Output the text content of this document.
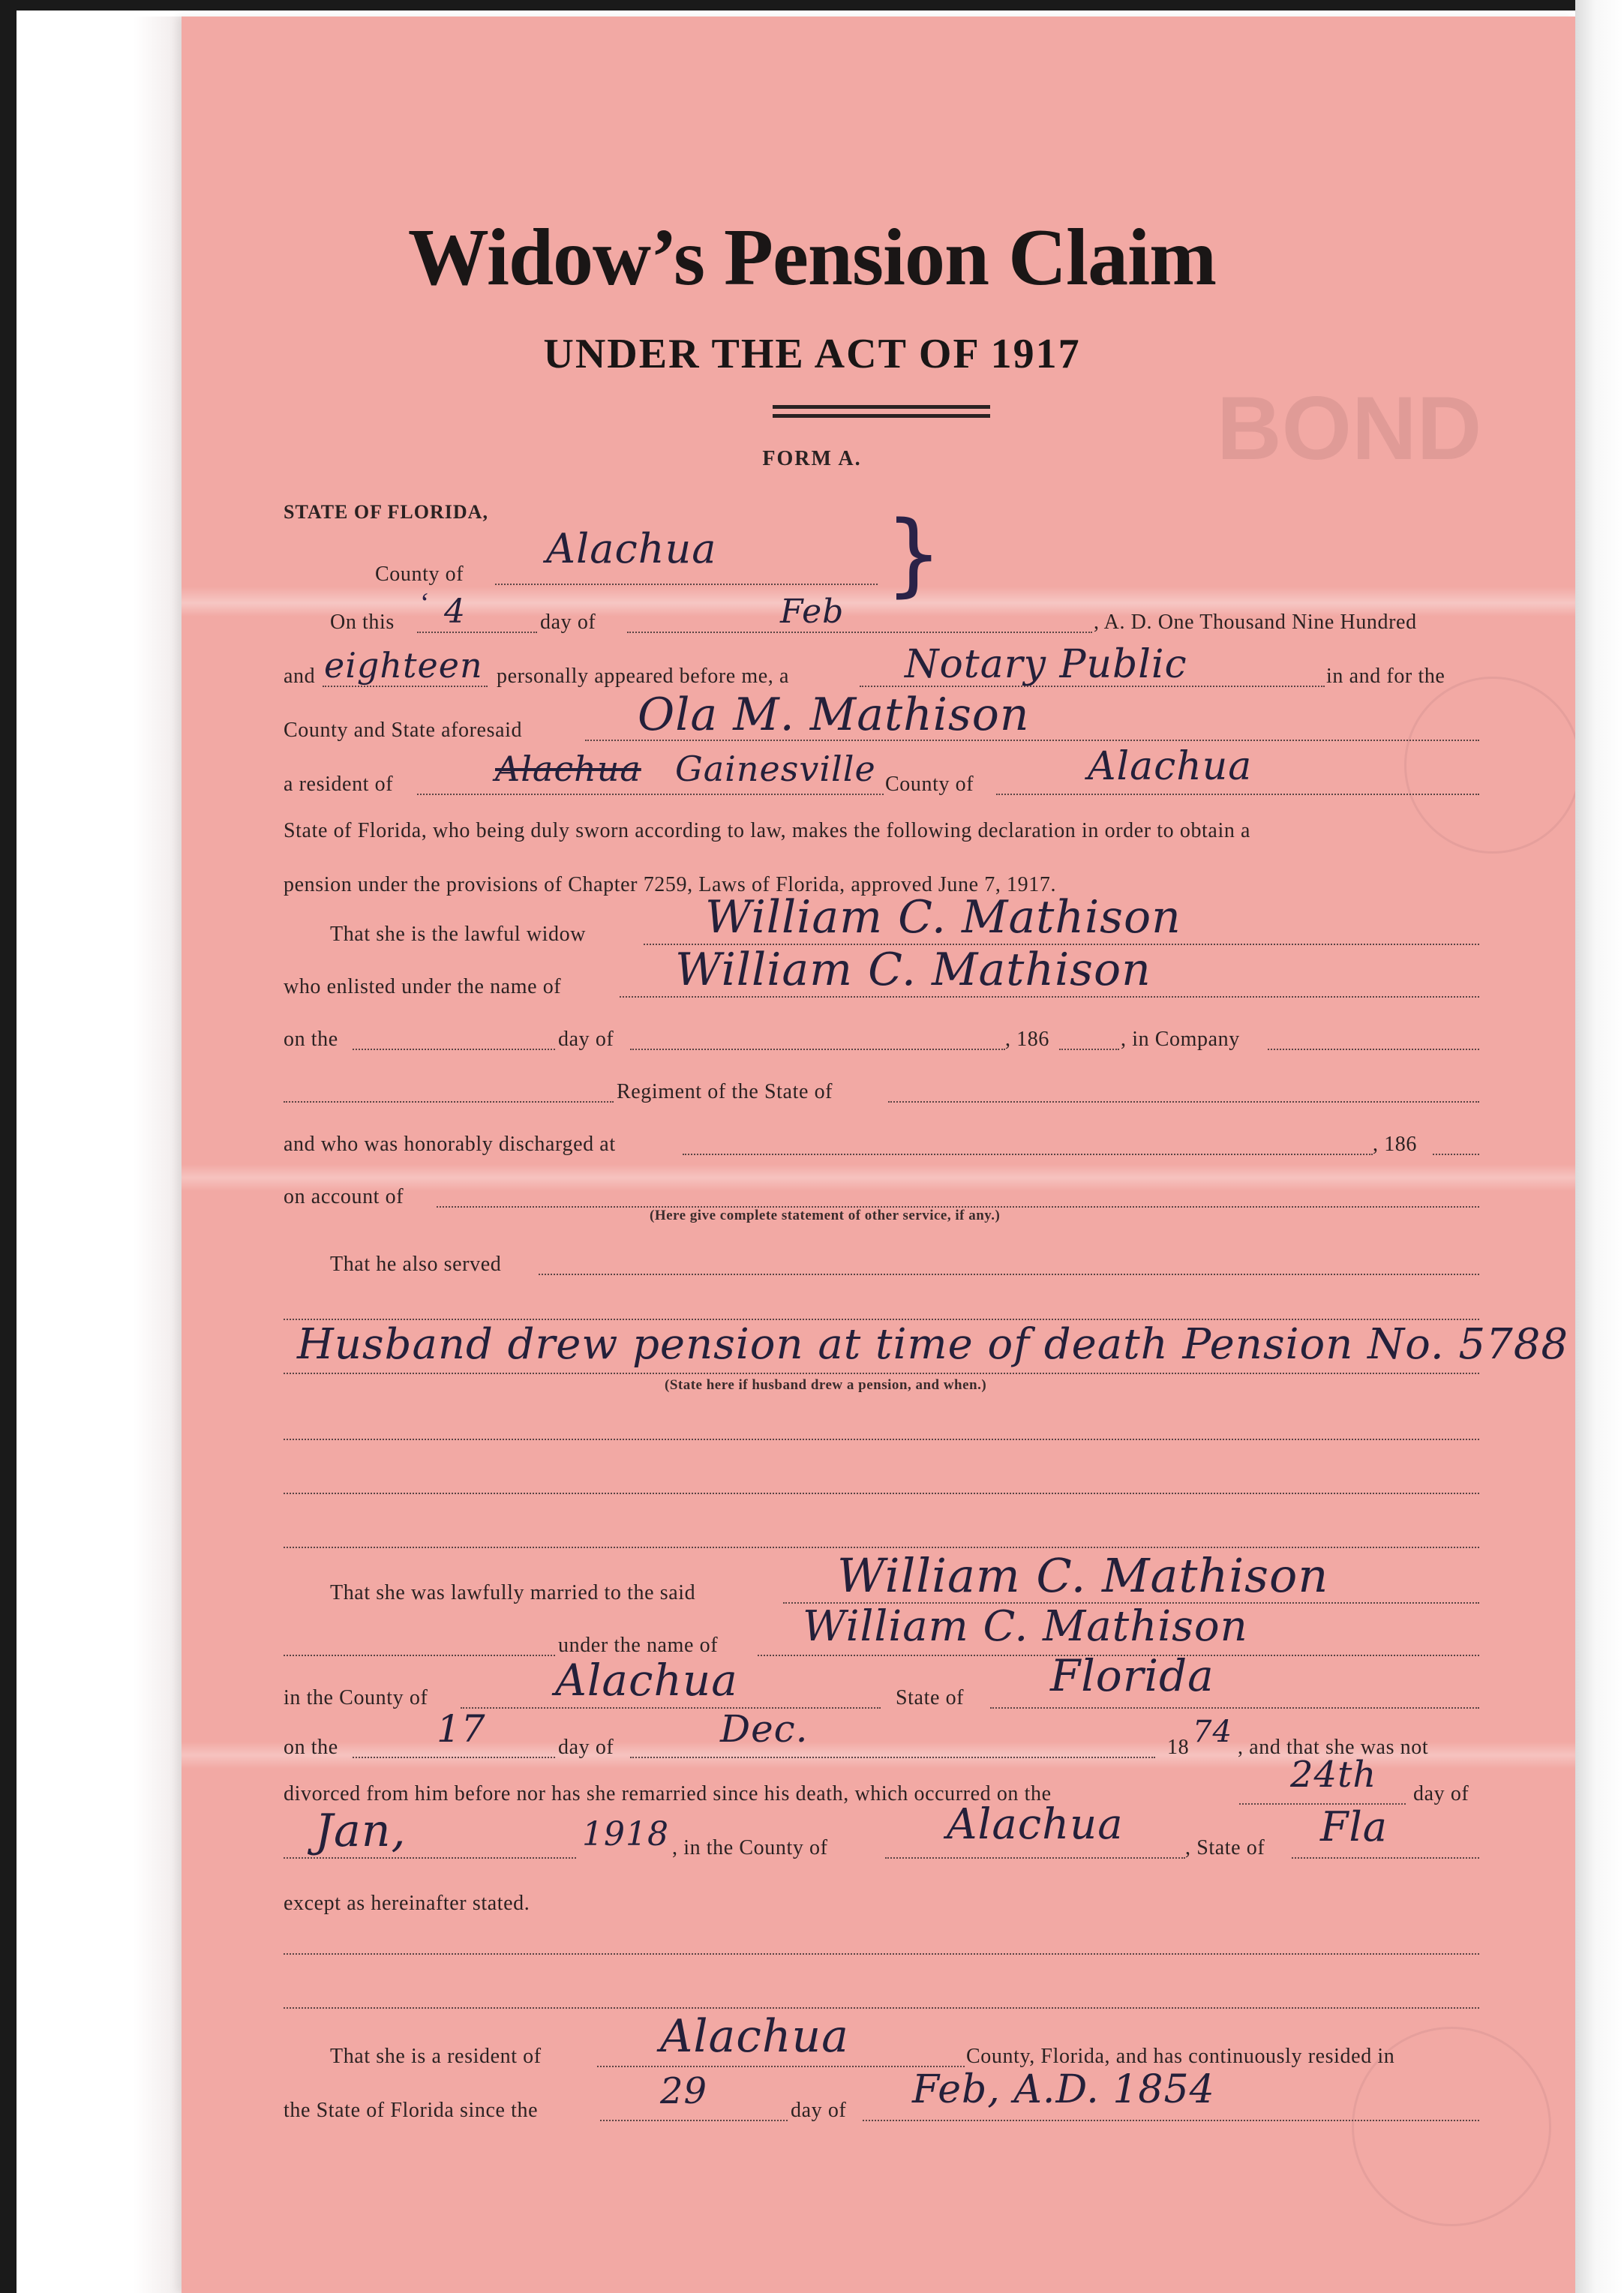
BOND
Widow’s Pension Claim
UNDER THE ACT OF 1917
FORM A.
STATE OF FLORIDA,
County of
Alachua }
‘
On this 4	day of	Feb	, A. D. One Thousand Nine Hundred
and eighteen personally appeared before me, a	Notary Public	in and for the
County and State aforesaid	Ola M. Mathison
a resident of	Alachua Gainesville County of	Alachua
State of Florida, who being duly sworn according to law, makes the following declaration in order to obtain a
pension under the provisions of Chapter 7259, Laws of Florida, approved June 7, 1917.
That she is the lawful widow	William C. Mathison
who enlisted under the name of	William C. Mathison
on the	day of	, 186	, in Company
Regiment of the State of
and who was honorably discharged at	, 186
on account of
(Here give complete statement of other service, if any.)
That he also served
Husband drew pension at time of death Pension No. 5788
(State here if husband drew a pension, and when.)
That she was lawfully married to the said	William C. Mathison
under the name of William C. Mathison
in the County of	Alachua	State of Florida
on the	17	day of	Dec.	18 74 , and that she was not
divorced from him before nor has she remarried since his death, which occurred on the	24th day of
Jan,	1918 , in the County of	Alachua	, State of Fla
except as hereinafter stated.
That she is a resident of	Alachua	County, Florida, and has continuously resided in
the State of Florida since the	29	day of Feb, A.D. 1854
